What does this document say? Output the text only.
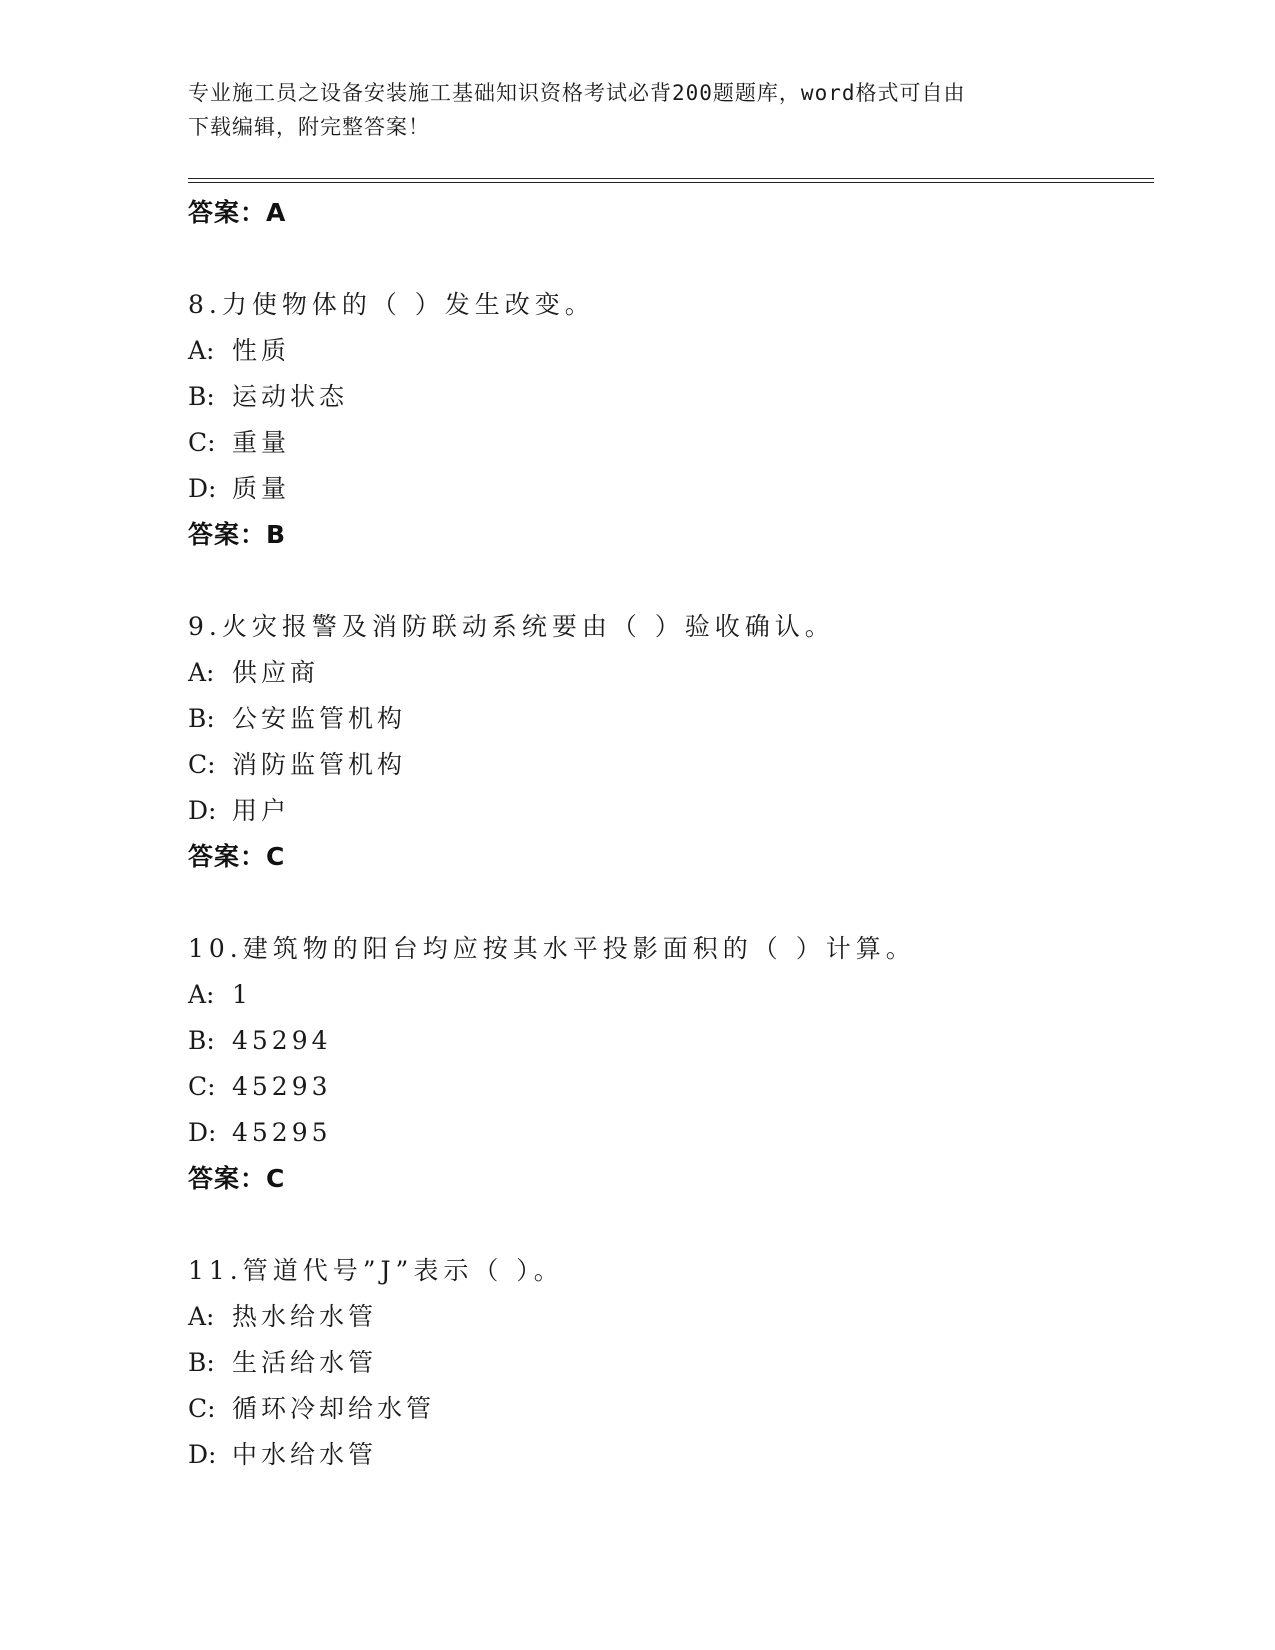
专业施工员之设备安装施工基础知识资格考试必背200题题库，word格式可自由
下载编辑，附完整答案！
答案：A
8.力使物体的（ ）发生改变。
A: 性质
B: 运动状态
C: 重量
D: 质量
答案：B
9.火灾报警及消防联动系统要由（ ）验收确认。
A: 供应商
B: 公安监管机构
C: 消防监管机构
D: 用户
答案：C
10.建筑物的阳台均应按其水平投影面积的（ ）计算。
A: 1
B: 45294
C: 45293
D: 45295
答案：C
11.管道代号”J”表示（ ）。
A: 热水给水管
B: 生活给水管
C: 循环冷却给水管
D: 中水给水管
